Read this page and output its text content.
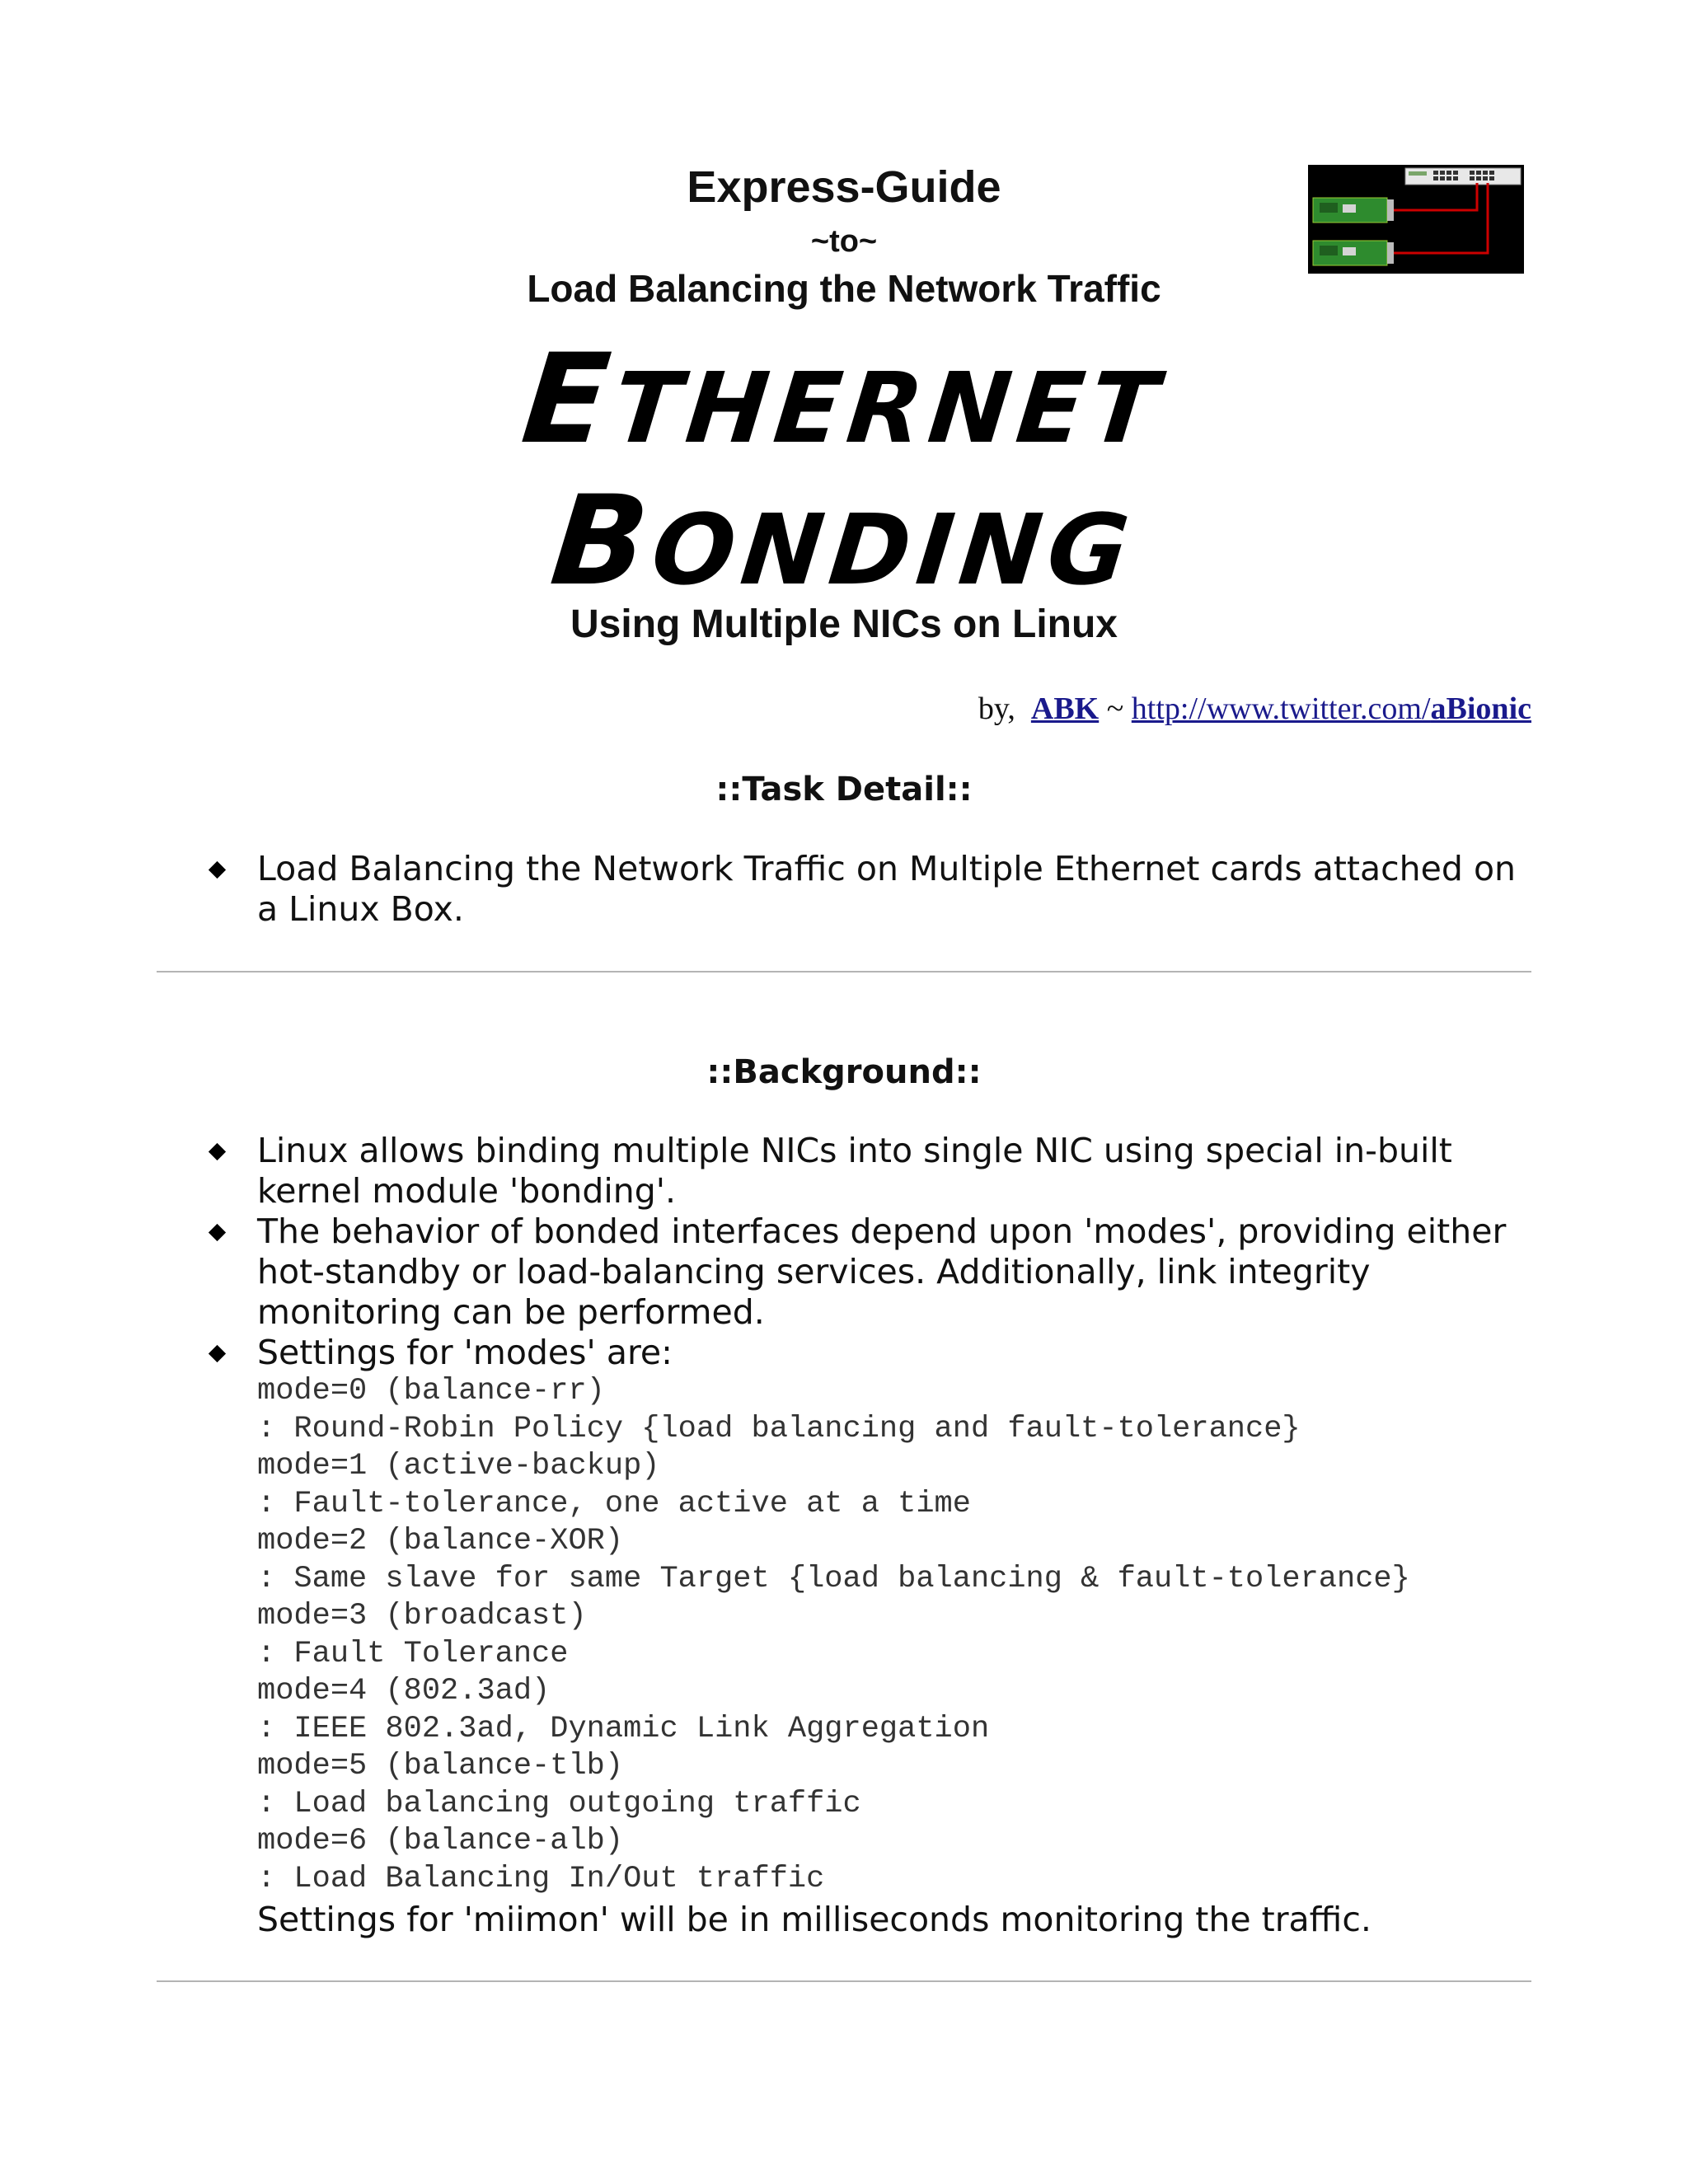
Express-Guide
~to~
Load Balancing the Network Traffic
ETHERNET
BONDING
Using Multiple NICs on Linux
by, ABK ~ http://www.twitter.com/aBionic
::Task Detail::
Load Balancing the Network Traffic on Multiple Ethernet cards attached on a Linux Box.
::Background::
Linux allows binding multiple NICs into single NIC using special in-built kernel module 'bonding'.
The behavior of bonded interfaces depend upon 'modes', providing either hot-standby or load-balancing services. Additionally, link integrity monitoring can be performed.
Settings for 'modes' are:
mode=0 (balance-rr)
: Round-Robin Policy {load balancing and fault-tolerance}
mode=1 (active-backup)
: Fault-tolerance, one active at a time
mode=2 (balance-XOR)
: Same slave for same Target {load balancing & fault-tolerance}
mode=3 (broadcast)
: Fault Tolerance
mode=4 (802.3ad)
: IEEE 802.3ad, Dynamic Link Aggregation
mode=5 (balance-tlb)
: Load balancing outgoing traffic
mode=6 (balance-alb)
: Load Balancing In/Out traffic
Settings for 'miimon' will be in milliseconds monitoring the traffic.
